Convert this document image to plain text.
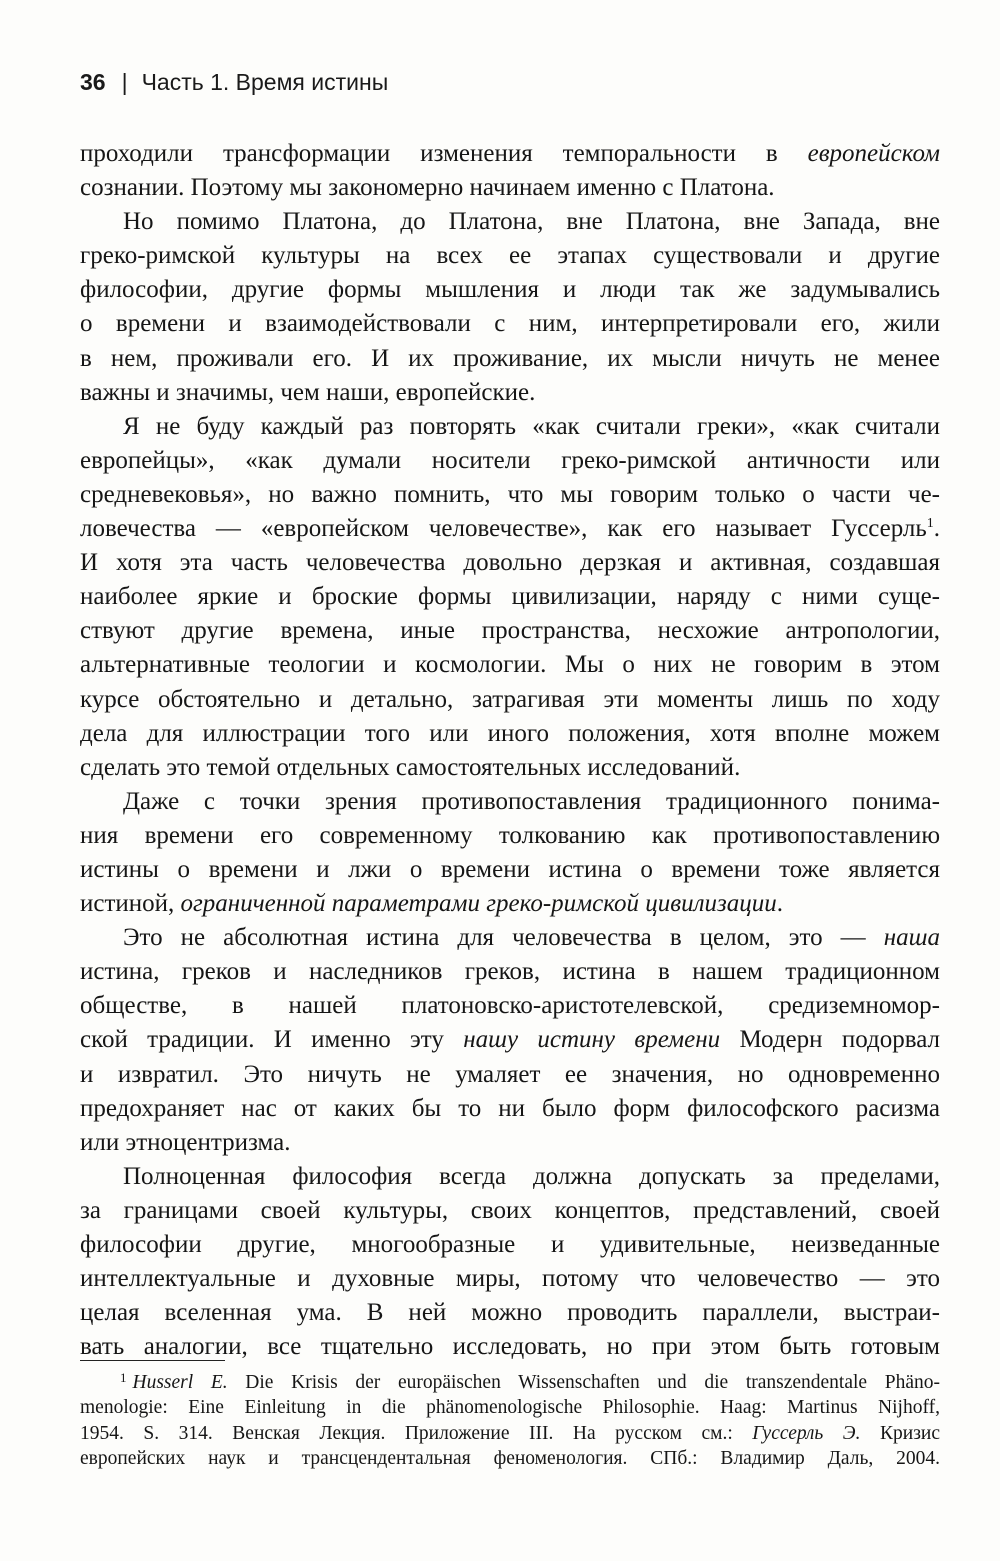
36 | Часть 1. Время истины
проходили трансформации изменения темпоральности в европейском
сознании. Поэтому мы закономерно начинаем именно с Платона.
Но помимо Платона, до Платона, вне Платона, вне Запада, вне
греко-римской культуры на всех ее этапах существовали и другие
философии, другие формы мышления и люди так же задумывались
о времени и взаимодействовали с ним, интерпретировали его, жили
в нем, проживали его. И их проживание, их мысли ничуть не менее
важны и значимы, чем наши, европейские.
Я не буду каждый раз повторять «как считали греки», «как считали
европейцы», «как думали носители греко-римской античности или
средневековья», но важно помнить, что мы говорим только о части че-
ловечества — «европейском человечестве», как его называет Гуссерль$^1$.
И хотя эта часть человечества довольно дерзкая и активная, создавшая
наиболее яркие и броские формы цивилизации, наряду с ними суще-
ствуют другие времена, иные пространства, несхожие антропологии,
альтернативные теологии и космологии. Мы о них не говорим в этом
курсе обстоятельно и детально, затрагивая эти моменты лишь по ходу
дела для иллюстрации того или иного положения, хотя вполне можем
сделать это темой отдельных самостоятельных исследований.
Даже с точки зрения противопоставления традиционного понима-
ния времени его современному толкованию как противопоставлению
истины о времени и лжи о времени истина о времени тоже является
истиной, ограниченной параметрами греко-римской цивилизации.
Это не абсолютная истина для человечества в целом, это — наша
истина, греков и наследников греков, истина в нашем традиционном
обществе, в нашей платоновско-аристотелевской, средиземномор-
ской традиции. И именно эту нашу истину времени Модерн подорвал
и извратил. Это ничуть не умаляет ее значения, но одновременно
предохраняет нас от каких бы то ни было форм философского расизма
или этноцентризма.
Полноценная философия всегда должна допускать за пределами,
за границами своей культуры, своих концептов, представлений, своей
философии другие, многообразные и удивительные, неизведанные
интеллектуальные и духовные миры, потому что человечество — это
целая вселенная ума. В ней можно проводить параллели, выстраи-
вать аналогии, все тщательно исследовать, но при этом быть готовым
$^1$ Husserl E. Die Krisis der europäischen Wissenschaften und die transzendentale Phäno-
menologie: Eine Einleitung in die phänomenologische Philosophie. Haag: Martinus Nijhoff,
1954. S. 314. Венская Лекция. Приложение III. На русском см.: Гуссерль Э. Кризис
европейских наук и трансцендентальная феноменология. СПб.: Владимир Даль, 2004.
